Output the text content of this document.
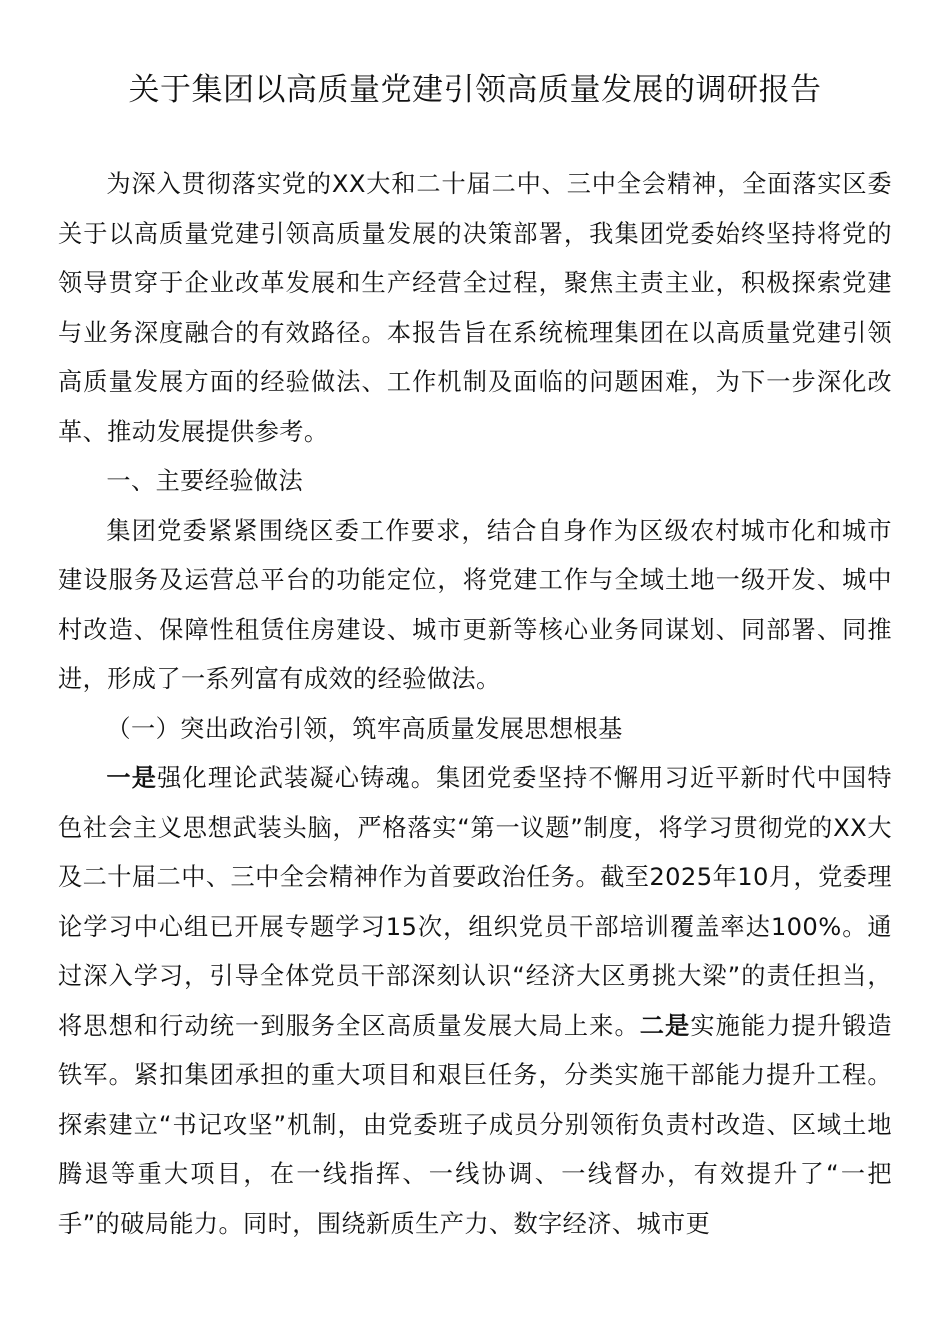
关于集团以高质量党建引领高质量发展的调研报告

为深入贯彻落实党的XX大和二十届二中、三中全会精神，全面落实区委关于以高质量党建引领高质量发展的决策部署，我集团党委始终坚持将党的领导贯穿于企业改革发展和生产经营全过程，聚焦主责主业，积极探索党建与业务深度融合的有效路径。本报告旨在系统梳理集团在以高质量党建引领高质量发展方面的经验做法、工作机制及面临的问题困难，为下一步深化改革、推动发展提供参考。

一、主要经验做法

集团党委紧紧围绕区委工作要求，结合自身作为区级农村城市化和城市建设服务及运营总平台的功能定位，将党建工作与全域土地一级开发、城中村改造、保障性租赁住房建设、城市更新等核心业务同谋划、同部署、同推进，形成了一系列富有成效的经验做法。

（一）突出政治引领，筑牢高质量发展思想根基

一是强化理论武装凝心铸魂。集团党委坚持不懈用习近平新时代中国特色社会主义思想武装头脑，严格落实“第一议题”制度，将学习贯彻党的XX大及二十届二中、三中全会精神作为首要政治任务。截至2025年10月，党委理论学习中心组已开展专题学习15次，组织党员干部培训覆盖率达100%。通过深入学习，引导全体党员干部深刻认识“经济大区勇挑大梁”的责任担当，将思想和行动统一到服务全区高质量发展大局上来。二是实施能力提升锻造铁军。紧扣集团承担的重大项目和艰巨任务，分类实施干部能力提升工程。探索建立“书记攻坚”机制，由党委班子成员分别领衔负责村改造、区域土地腾退等重大项目，在一线指挥、一线协调、一线督办，有效提升了“一把手”的破局能力。同时，围绕新质生产力、数字经济、城市更
